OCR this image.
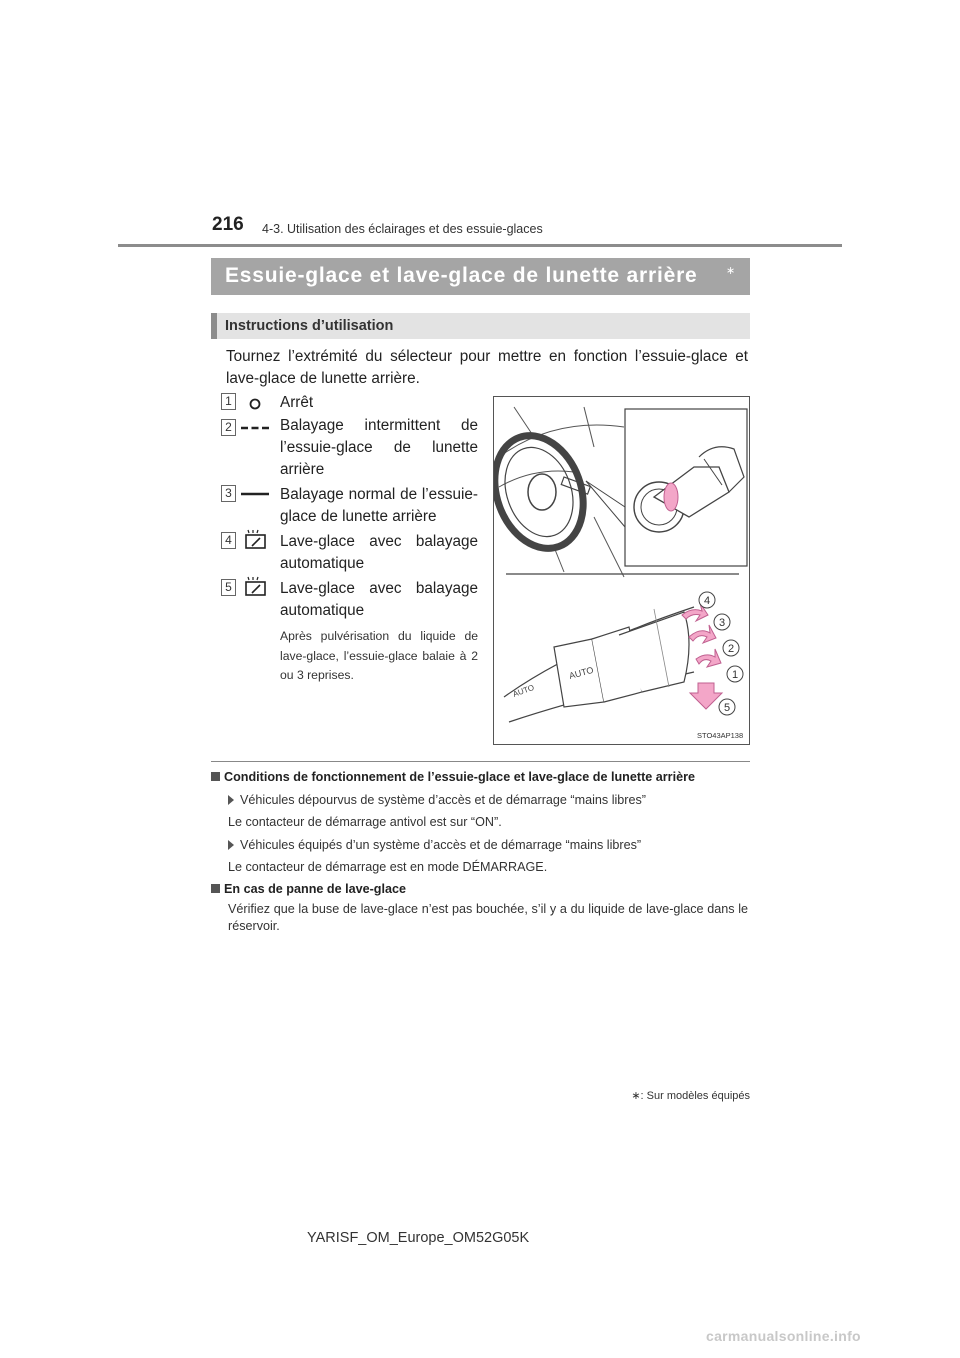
216 4-3. Utilisation des éclairages et des essuie-glaces
Essuie-glace et lave-glace de lunette arrière	∗
Instructions d’utilisation
Tournez l’extrémité du sélecteur pour mettre en fonction l’essuie-glace et lave-glace de lunette arrière.
1	Arrêt
2	Balayage intermittent de l’essuie-glace de lunette arrière
3	Balayage normal de l’essuie-glace de lunette arrière
4	Lave-glace avec balayage automatique
5	Lave-glace avec balayage automatique
Après pulvérisation du liquide de lave-glace, l’essuie-glace balaie à 2 ou 3 reprises.	AUTO
AUTO
4
3
2
1
5
STO43AP138
Conditions de fonctionnement de l’essuie-glace et lave-glace de lunette arrière
Véhicules dépourvus de système d’accès et de démarrage “mains libres”
Le contacteur de démarrage antivol est sur “ON”.
Véhicules équipés d’un système d’accès et de démarrage “mains libres”
Le contacteur de démarrage est en mode DÉMARRAGE.
En cas de panne de lave-glace
Vérifiez que la buse de lave-glace n’est pas bouchée, s’il y a du liquide de lave-glace dans le réservoir.
∗: Sur modèles équipés
YARISF_OM_Europe_OM52G05K
carmanualsonline.info
